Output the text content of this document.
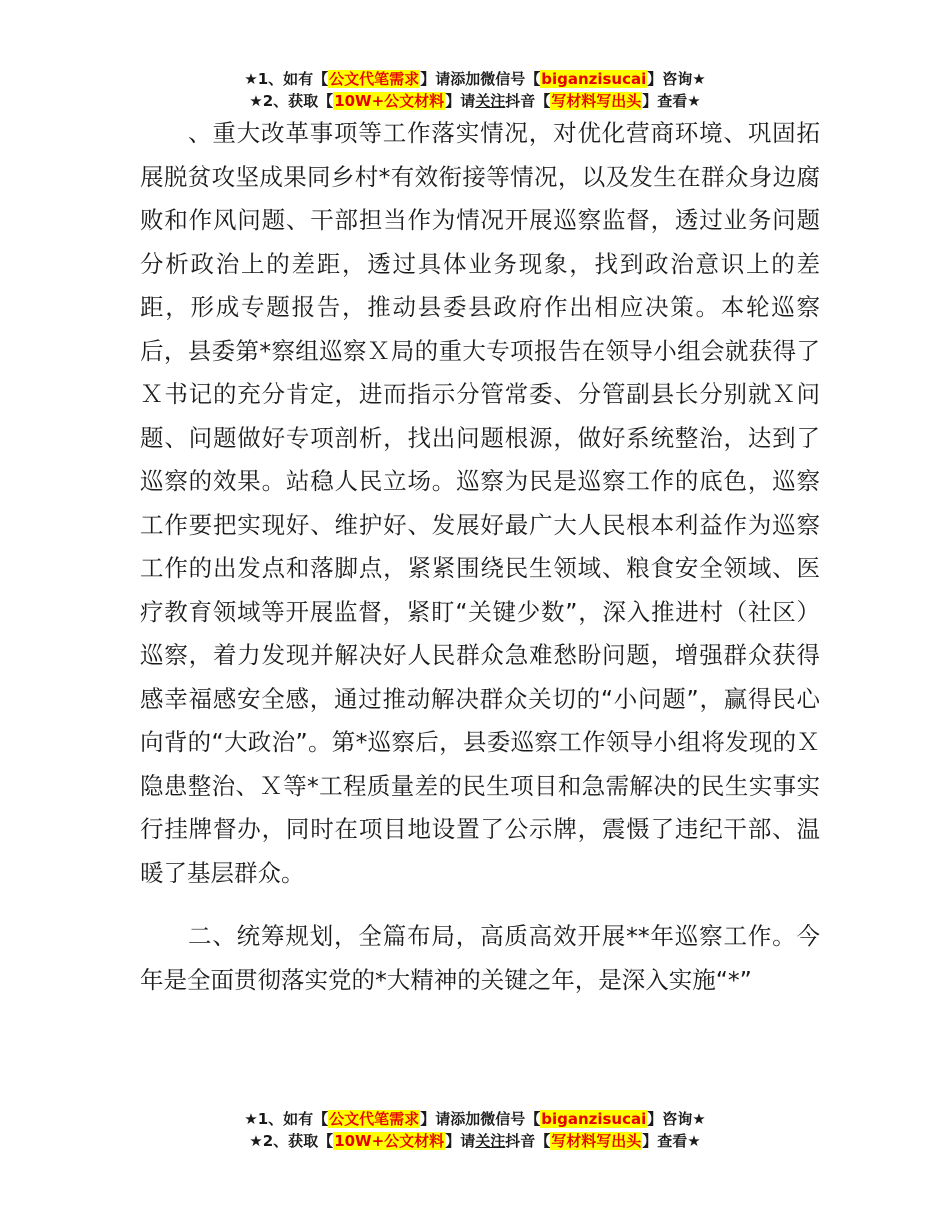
★1、如有【公文代笔需求】请添加微信号【biganzisucai】咨询★
★2、获取【10W+公文材料】请关注抖音【写材料写出头】查看★

、重大改革事项等工作落实情况，对优化营商环境、巩固拓展脱贫攻坚成果同乡村*有效衔接等情况，以及发生在群众身边腐败和作风问题、干部担当作为情况开展巡察监督，透过业务问题分析政治上的差距，透过具体业务现象，找到政治意识上的差距，形成专题报告，推动县委县政府作出相应决策。本轮巡察后，县委第*察组巡察Ｘ局的重大专项报告在领导小组会就获得了Ｘ书记的充分肯定，进而指示分管常委、分管副县长分别就Ｘ问题、问题做好专项剖析，找出问题根源，做好系统整治，达到了巡察的效果。站稳人民立场。巡察为民是巡察工作的底色，巡察工作要把实现好、维护好、发展好最广大人民根本利益作为巡察工作的出发点和落脚点，紧紧围绕民生领域、粮食安全领域、医疗教育领域等开展监督，紧盯“关键少数”，深入推进村（社区）巡察，着力发现并解决好人民群众急难愁盼问题，增强群众获得感幸福感安全感，通过推动解决群众关切的“小问题”，赢得民心向背的“大政治”。第*巡察后，县委巡察工作领导小组将发现的Ｘ隐患整治、Ｘ等*工程质量差的民生项目和急需解决的民生实事实行挂牌督办，同时在项目地设置了公示牌，震慑了违纪干部、温暖了基层群众。

二、统筹规划，全篇布局，高质高效开展**年巡察工作。今年是全面贯彻落实党的*大精神的关键之年，是深入实施“*”

★1、如有【公文代笔需求】请添加微信号【biganzisucai】咨询★
★2、获取【10W+公文材料】请关注抖音【写材料写出头】查看★
